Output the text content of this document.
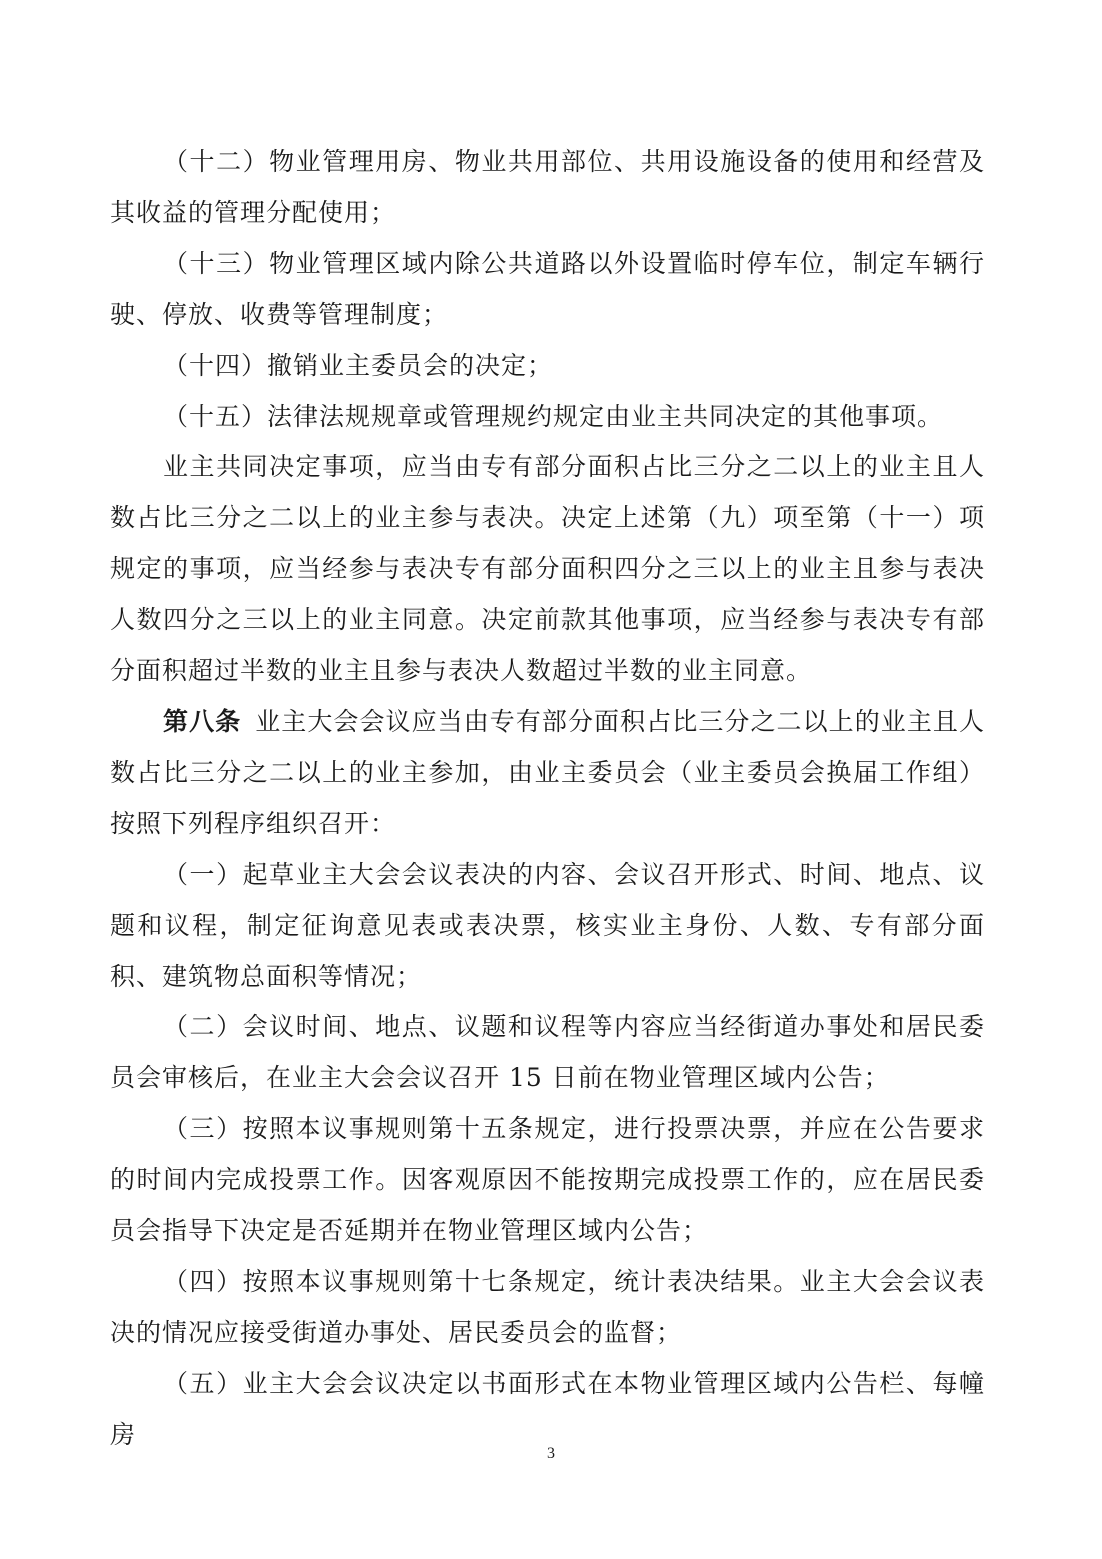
（十二）物业管理用房、物业共用部位、共用设施设备的使用和经营及其收益的管理分配使用；

（十三）物业管理区域内除公共道路以外设置临时停车位，制定车辆行驶、停放、收费等管理制度；

（十四）撤销业主委员会的决定；

（十五）法律法规规章或管理规约规定由业主共同决定的其他事项。

业主共同决定事项，应当由专有部分面积占比三分之二以上的业主且人数占比三分之二以上的业主参与表决。决定上述第（九）项至第（十一）项规定的事项，应当经参与表决专有部分面积四分之三以上的业主且参与表决人数四分之三以上的业主同意。决定前款其他事项，应当经参与表决专有部分面积超过半数的业主且参与表决人数超过半数的业主同意。

第八条 业主大会会议应当由专有部分面积占比三分之二以上的业主且人数占比三分之二以上的业主参加，由业主委员会（业主委员会换届工作组）按照下列程序组织召开：

（一）起草业主大会会议表决的内容、会议召开形式、时间、地点、议题和议程，制定征询意见表或表决票，核实业主身份、人数、专有部分面积、建筑物总面积等情况；

（二）会议时间、地点、议题和议程等内容应当经街道办事处和居民委员会审核后，在业主大会会议召开 15 日前在物业管理区域内公告；

（三）按照本议事规则第十五条规定，进行投票决票，并应在公告要求的时间内完成投票工作。因客观原因不能按期完成投票工作的，应在居民委员会指导下决定是否延期并在物业管理区域内公告；

（四）按照本议事规则第十七条规定，统计表决结果。业主大会会议表决的情况应接受街道办事处、居民委员会的监督；

（五）业主大会会议决定以书面形式在本物业管理区域内公告栏、每幢房

3
